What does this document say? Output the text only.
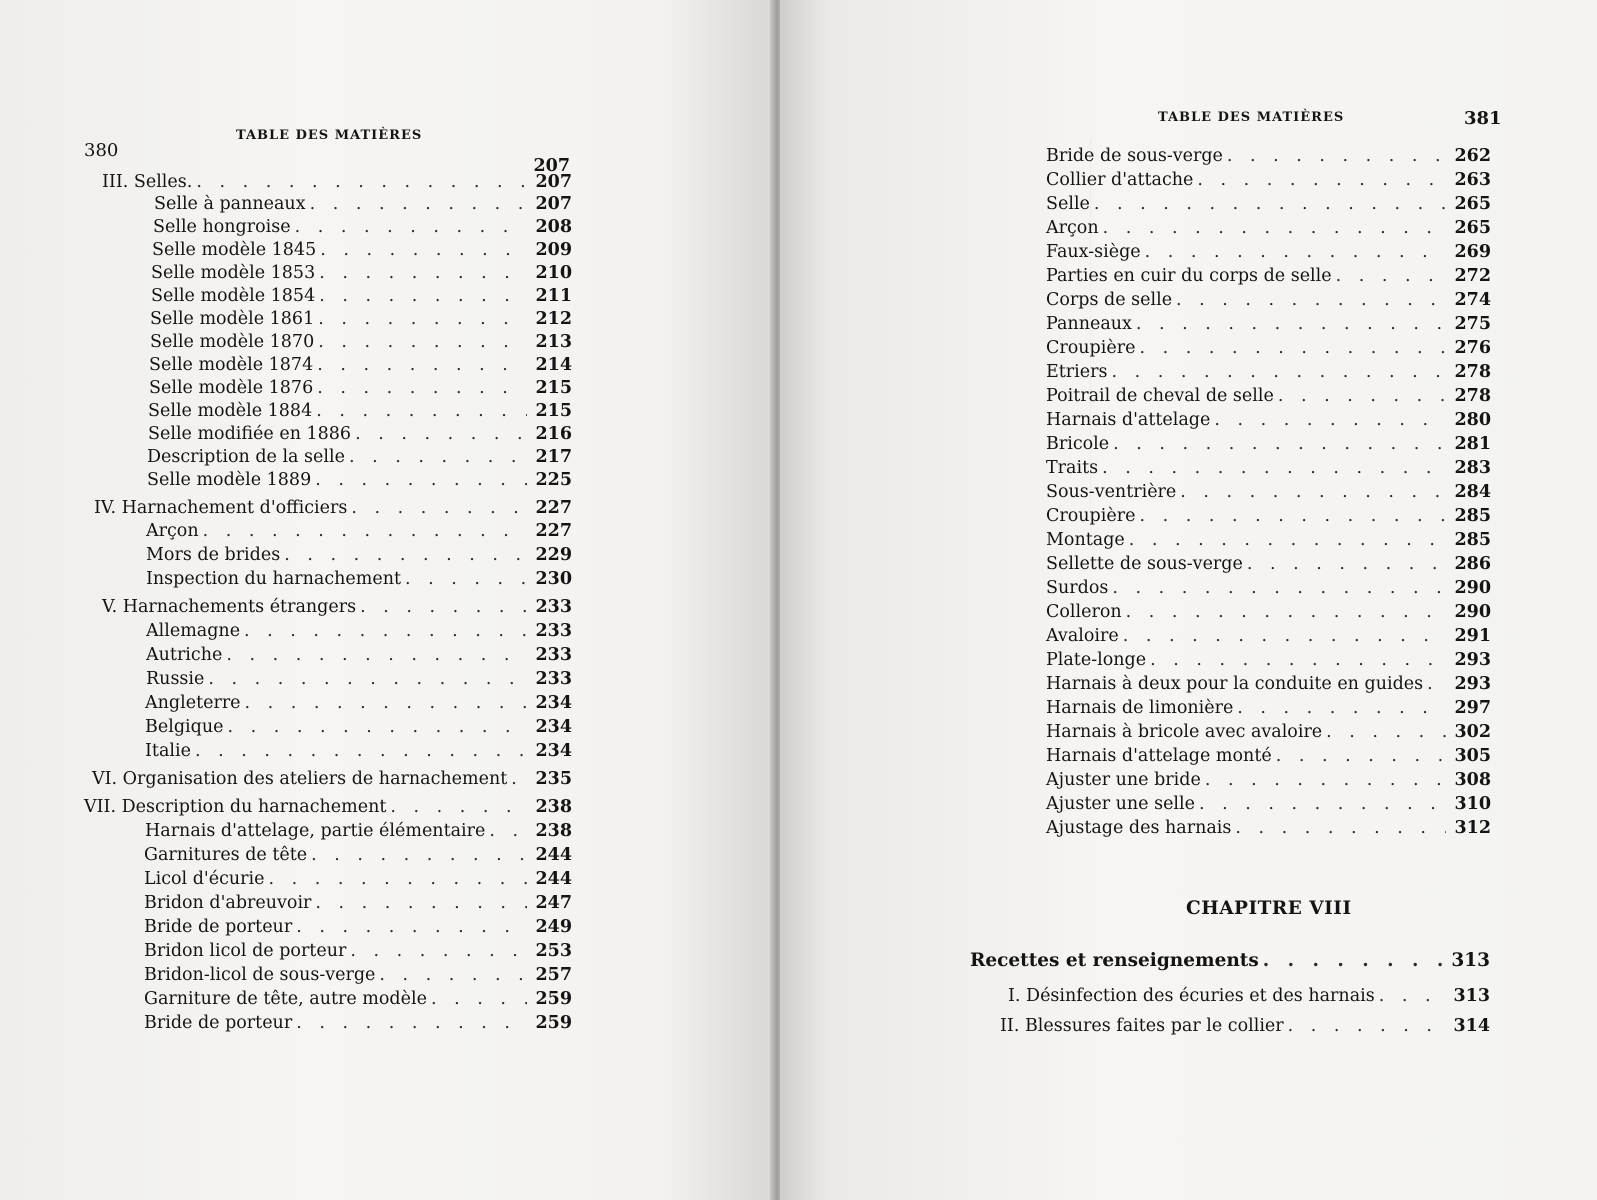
380
TABLE DES MATIÈRES
207
III. Selles. . . .	207
Selle à panneaux . . .	207
Selle hongroise . . .	208
Selle modèle 1845 . . .	209
Selle modèle 1853 . . .	210
Selle modèle 1854 . . .	211
Selle modèle 1861 . . .	212
Selle modèle 1870 . . .	213
Selle modèle 1874 . . .	214
Selle modèle 1876 . . .	215
Selle modèle 1884 . . .	215
Selle modifiée en 1886 . . .	216
Description de la selle . . .	217
Selle modèle 1889 . . .	225
IV. Harnachement d'officiers . . .	227
Arçon . . .	227
Mors de brides . . .	229
Inspection du harnachement . . .	230
V. Harnachements étrangers . . .	233
Allemagne . . .	233
Autriche . . .	233
Russie . . .	233
Angleterre . . .	234
Belgique . . .	234
Italie . . .	234
VI. Organisation des ateliers de harnachement . . . 235
VII. Description du harnachement . . .	238
Harnais d'attelage, partie élémentaire . . .	238
Garnitures de tête . . .	244
Licol d'écurie . . .	244
Bridon d'abreuvoir . . .	247
Bride de porteur . . .	249
Bridon licol de porteur . . .	253
Bridon-licol de sous-verge . . .	257
Garniture de tête, autre modèle . . .	259
Bride de porteur . . .	259
TABLE DES MATIÈRES	381
Bride de sous-verge . . .	262
Collier d'attache . . .	263
Selle . . .	265
Arçon . . .	265
Faux-siège . . .	269
Parties en cuir du corps de selle . . .	272
Corps de selle . . .	274
Panneaux . . .	275
Croupière . . .	276
Etriers . . .	278
Poitrail de cheval de selle . . .	278
Harnais d'attelage . . .	280
Bricole . . .	281
Traits . . .	283
Sous-ventrière . . .	284
Croupière . . .	285
Montage . . .	285
Sellette de sous-verge . . .	286
Surdos . . .	290
Colleron . . .	290
Avaloire . . .	291
Plate-longe . . .	293
Harnais à deux pour la conduite en guides . . . 293
Harnais de limonière . . .	297
Harnais à bricole avec avaloire . . .	302
Harnais d'attelage monté . . .	305
Ajuster une bride . . .	308
Ajuster une selle . . .	310
Ajustage des harnais . . .	312
CHAPITRE VIII
Recettes et renseignements . . .	313
I. Désinfection des écuries et des harnais . . .	313
II. Blessures faites par le collier . . .	314
